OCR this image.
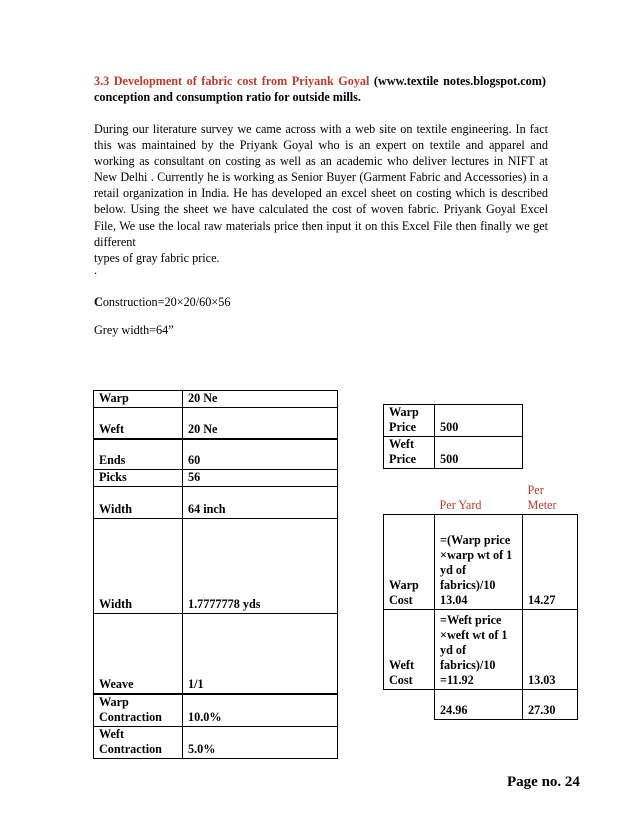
3.3 Development of fabric cost from Priyank Goyal (www.textile notes.blogspot.com) conception and consumption ratio for outside mills.
During our literature survey we came across with a web site on textile engineering. In fact this was maintained by the Priyank Goyal who is an expert on textile and apparel and working as consultant on costing as well as an academic who deliver lectures in NIFT at New Delhi . Currently he is working as Senior Buyer (Garment Fabric and Accessories) in a retail organization in India. He has developed an excel sheet on costing which is described below. Using the sheet we have calculated the cost of woven fabric. Priyank Goyal Excel File, We use the local raw materials price then input it on this Excel File then finally we get different
types of gray fabric price.
.
Construction=20×20/60×56
Grey width=64”
Warp	20 Ne
Weft	20 Ne
Ends	60
Picks	56
Width	64 inch
Width	1.7777778 yds
Weave	1/1
Warp Contraction	10.0%
Weft Contraction	5.0%
Warp Price	500
Weft Price	500
	Per Yard	Per Meter
Warp Cost	=(Warp price ×warp wt of 1 yd of fabrics)/10 13.04	14.27
Weft Cost	=Weft price ×weft wt of 1 yd of fabrics)/10 =11.92	13.03
	24.96	27.30
Page no. 24
